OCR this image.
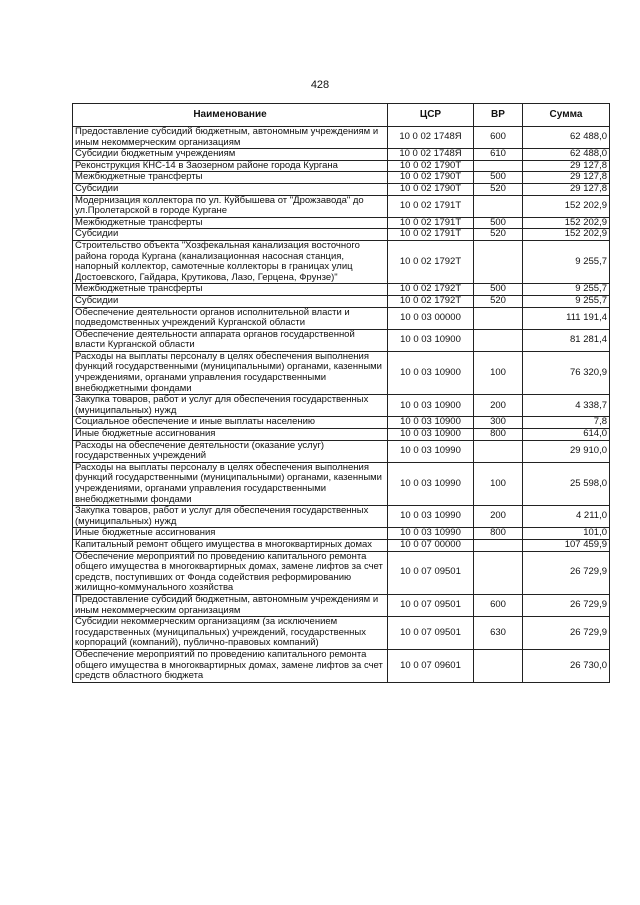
428
Наименование	ЦСР	ВР	Сумма
Предоставление субсидий бюджетным, автономным учреждениям и иным некоммерческим организациям	10 0 02 1748Я	600	62 488,0
Субсидии бюджетным учреждениям	10 0 02 1748Я	610	62 488,0
Реконструкция КНС-14 в Заозерном районе города Кургана	10 0 02 1790Т		29 127,8
Межбюджетные трансферты	10 0 02 1790Т	500	29 127,8
Субсидии	10 0 02 1790Т	520	29 127,8
Модернизация коллектора по ул. Куйбышева от "Дрожзавода" до ул.Пролетарской в городе Кургане	10 0 02 1791Т		152 202,9
Межбюджетные трансферты	10 0 02 1791Т	500	152 202,9
Субсидии	10 0 02 1791Т	520	152 202,9
Строительство объекта "Хозфекальная канализация восточного района города Кургана (канализационная насосная станция, напорный коллектор, самотечные коллекторы в границах улиц Достоевского, Гайдара, Крутикова, Лазо, Герцена, Фрунзе)"	10 0 02 1792Т		9 255,7
Межбюджетные трансферты	10 0 02 1792Т	500	9 255,7
Субсидии	10 0 02 1792Т	520	9 255,7
Обеспечение деятельности органов исполнительной власти и подведомственных учреждений Курганской области	10 0 03 00000		111 191,4
Обеспечение деятельности аппарата органов государственной власти Курганской области	10 0 03 10900		81 281,4
Расходы на выплаты персоналу в целях обеспечения выполнения функций государственными (муниципальными) органами, казенными учреждениями, органами управления государственными внебюджетными фондами	10 0 03 10900	100	76 320,9
Закупка товаров, работ и услуг для обеспечения государственных (муниципальных) нужд	10 0 03 10900	200	4 338,7
Социальное обеспечение и иные выплаты населению	10 0 03 10900	300	7,8
Иные бюджетные ассигнования	10 0 03 10900	800	614,0
Расходы на обеспечение деятельности (оказание услуг) государственных учреждений	10 0 03 10990		29 910,0
Расходы на выплаты персоналу в целях обеспечения выполнения функций государственными (муниципальными) органами, казенными учреждениями, органами управления государственными внебюджетными фондами	10 0 03 10990	100	25 598,0
Закупка товаров, работ и услуг для обеспечения государственных (муниципальных) нужд	10 0 03 10990	200	4 211,0
Иные бюджетные ассигнования	10 0 03 10990	800	101,0
Капитальный ремонт общего имущества в многоквартирных домах	10 0 07 00000		107 459,9
Обеспечение мероприятий по проведению капитального ремонта общего имущества в многоквартирных домах, замене лифтов за счет средств, поступивших от Фонда содействия реформированию жилищно-коммунального хозяйства	10 0 07 09501		26 729,9
Предоставление субсидий бюджетным, автономным учреждениям и иным некоммерческим организациям	10 0 07 09501	600	26 729,9
Субсидии некоммерческим организациям (за исключением государственных (муниципальных) учреждений, государственных корпораций (компаний), публично-правовых компаний)	10 0 07 09501	630	26 729,9
Обеспечение мероприятий по проведению капитального ремонта общего имущества в многоквартирных домах, замене лифтов за счет средств областного бюджета	10 0 07 09601		26 730,0
